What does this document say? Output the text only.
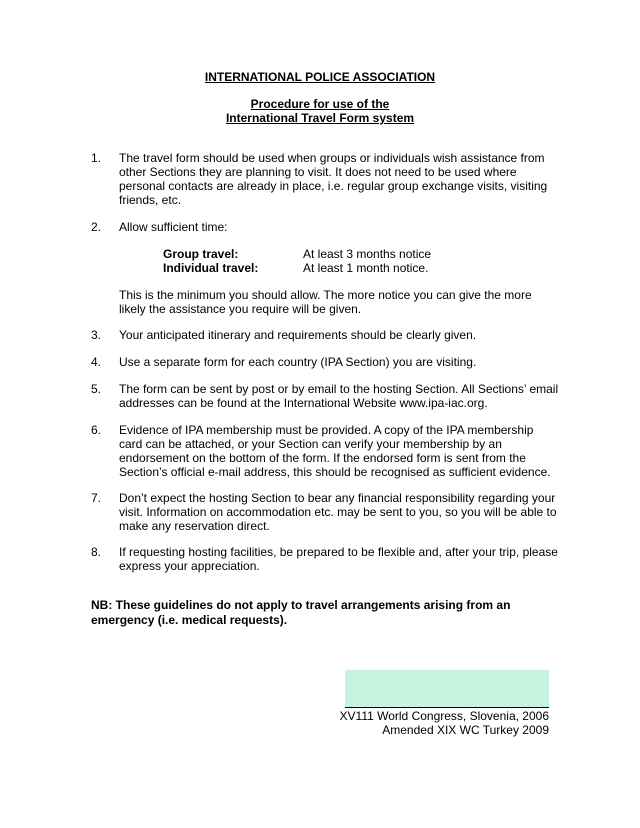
INTERNATIONAL POLICE ASSOCIATION
Procedure for use of the
International Travel Form system
1. The travel form should be used when groups or individuals wish assistance from other Sections they are planning to visit. It does not need to be used where personal contacts are already in place, i.e. regular group exchange visits, visiting friends, etc.
2. Allow sufficient time:
Group travel:	At least 3 months notice
Individual travel:	At least 1 month notice.
This is the minimum you should allow. The more notice you can give the more likely the assistance you require will be given.
3. Your anticipated itinerary and requirements should be clearly given.
4. Use a separate form for each country (IPA Section) you are visiting.
5. The form can be sent by post or by email to the hosting Section. All Sections’ email addresses can be found at the International Website www.ipa-iac.org.
6. Evidence of IPA membership must be provided. A copy of the IPA membership card can be attached, or your Section can verify your membership by an endorsement on the bottom of the form. If the endorsed form is sent from the Section’s official e-mail address, this should be recognised as sufficient evidence.
7. Don’t expect the hosting Section to bear any financial responsibility regarding your visit. Information on accommodation etc. may be sent to you, so you will be able to make any reservation direct.
8. If requesting hosting facilities, be prepared to be flexible and, after your trip, please express your appreciation.
NB: These guidelines do not apply to travel arrangements arising from an emergency (i.e. medical requests).
XV111 World Congress, Slovenia, 2006
Amended XIX WC Turkey 2009
